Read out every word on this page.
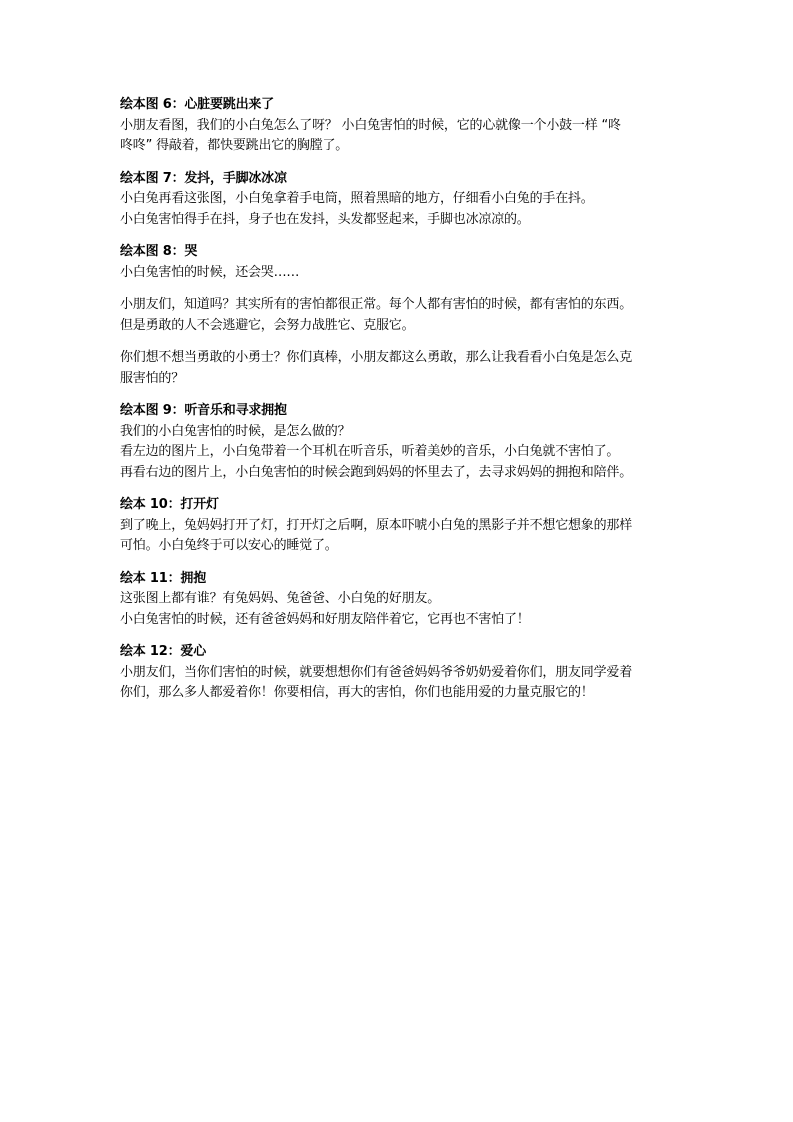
绘本图 6：心脏要跳出来了
小朋友看图，我们的小白兔怎么了呀？ 小白兔害怕的时候，它的心就像一个小鼓一样 “咚
咚咚” 得敲着，都快要跳出它的胸膛了。
绘本图 7：发抖，手脚冰冰凉
小白兔再看这张图，小白兔拿着手电筒，照着黑暗的地方，仔细看小白兔的手在抖。
小白兔害怕得手在抖，身子也在发抖，头发都竖起来，手脚也冰凉凉的。
绘本图 8：哭
小白兔害怕的时候，还会哭……
小朋友们，知道吗？其实所有的害怕都很正常。每个人都有害怕的时候，都有害怕的东西。
但是勇敢的人不会逃避它，会努力战胜它、克服它。
你们想不想当勇敢的小勇士？你们真棒，小朋友都这么勇敢，那么让我看看小白兔是怎么克
服害怕的？
绘本图 9：听音乐和寻求拥抱
我们的小白兔害怕的时候，是怎么做的？
看左边的图片上，小白兔带着一个耳机在听音乐，听着美妙的音乐，小白兔就不害怕了。
再看右边的图片上，小白兔害怕的时候会跑到妈妈的怀里去了，去寻求妈妈的拥抱和陪伴。
绘本 10：打开灯
到了晚上，兔妈妈打开了灯，打开灯之后啊，原本吓唬小白兔的黑影子并不想它想象的那样
可怕。小白兔终于可以安心的睡觉了。
绘本 11：拥抱
这张图上都有谁？有兔妈妈、兔爸爸、小白兔的好朋友。
小白兔害怕的时候，还有爸爸妈妈和好朋友陪伴着它，它再也不害怕了！
绘本 12：爱心
小朋友们，当你们害怕的时候，就要想想你们有爸爸妈妈爷爷奶奶爱着你们，朋友同学爱着
你们，那么多人都爱着你！你要相信，再大的害怕，你们也能用爱的力量克服它的！
